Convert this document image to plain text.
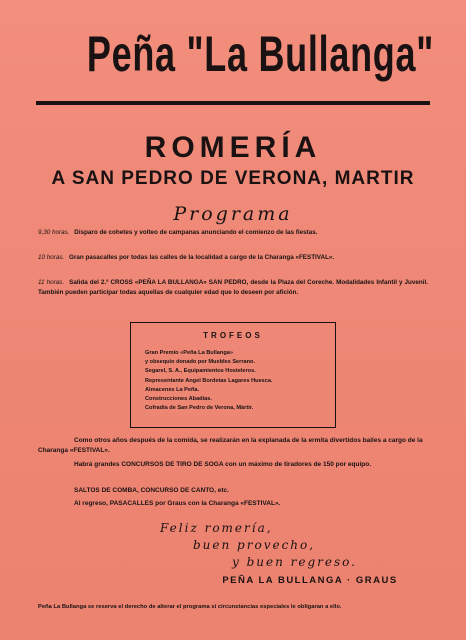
Peña "La Bullanga"
ROMERÍA
A SAN PEDRO DE VERONA, MARTIR
Programa
9,30 horas. Disparo de cohetes y volteo de campanas anunciando el comienzo de las fiestas.
10 horas. Gran pasacalles por todas las calles de la localidad a cargo de la Charanga «FESTIVAL».
11 horas. Salida del 2.º CROSS «PEÑA LA BULLANGA» SAN PEDRO, desde la Plaza del Coreche. Modalidades Infantil y Juvenil. También pueden participar todas aquellas de cualquier edad que lo deseen por afición.
TROFEOS
Gran Premio «Peña La Bullanga»
y obsequio donado por Muebles Serrano.
Segarel, S. A., Equipamientos Hosteleros.
Representante Angel Bordetas Lagares Huesca.
Almacenes La Peña.
Construcciones Abadías.
Cofradía de San Pedro de Verona, Mártir.
Como otros años después de la comida, se realizarán en la explanada de la ermita divertidos bailes a cargo de la Charanga «FESTIVAL».
Habrá grandes CONCURSOS DE TIRO DE SOGA con un máximo de tiradores de 150 por equipo.
SALTOS DE COMBA, CONCURSO DE CANTO, etc.
Al regreso, PASACALLES por Graus con la Charanga «FESTIVAL».
Feliz romería,
buen provecho,
y buen regreso.
PEÑA LA BULLANGA · GRAUS
Peña La Bullanga se reserva el derecho de alterar el programa si circunstancias especiales le obligaran a ello.
